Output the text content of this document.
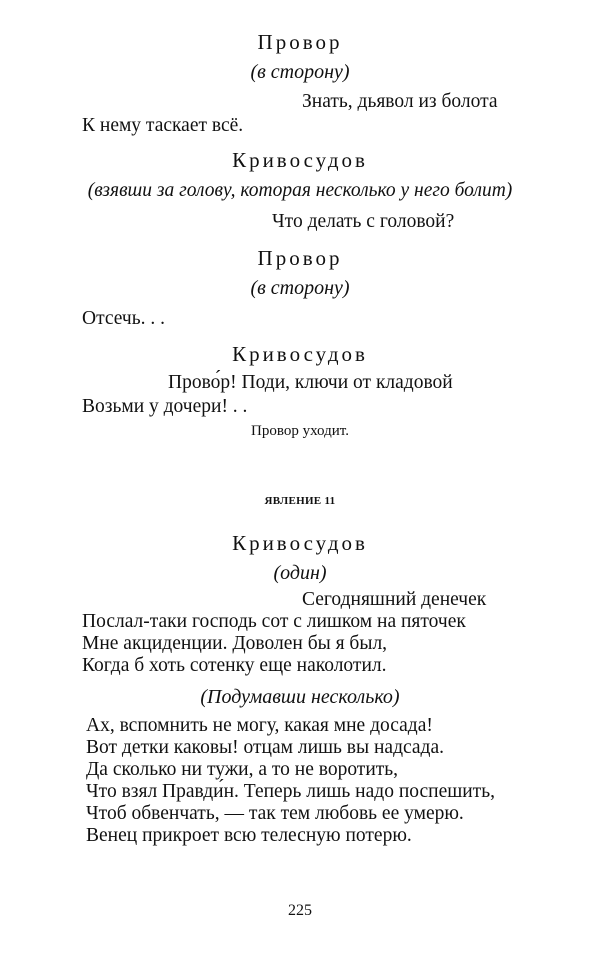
Провор
(в сторону)
Знать, дьявол из болота
К нему таскает всё.
Кривосудов
(взявши за голову, которая несколько у него болит)
Что делать с головой?
Провор
(в сторону)
Отсечь. . .
Кривосудов
Прово́р! Поди, ключи от кладовой
Возьми у дочери! . .
Провор уходит.
ЯВЛЕНИЕ 11
Кривосудов
(один)
Сегодняшний денечек
Послал-таки господь сот с лишком на пяточек
Мне акциденции. Доволен бы я был,
Когда б хоть сотенку еще наколотил.
(Подумавши несколько)
Ах, вспомнить не могу, какая мне досада!
Вот детки каковы! отцам лишь вы надсада.
Да сколько ни тужи, а то не воротить,
Что взял Правди́н. Теперь лишь надо поспешить,
Чтоб обвенчать, — так тем любовь ее умерю.
Венец прикроет всю телесную потерю.
225
